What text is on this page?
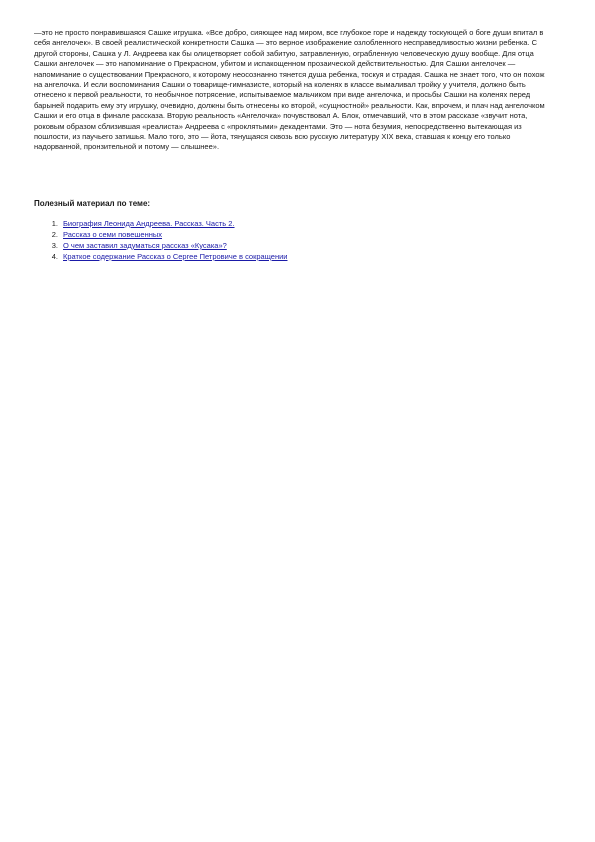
—это не просто понравившаяся Сашке игрушка. «Все добро, сияющее над миром, все глубокое горе и надежду тоскующей о боге души впитал в себя ангелочек». В своей реалистической конкретности Сашка — это верное изображение озлобленного несправедливостью жизни ребенка. С другой стороны, Сашка у Л. Андреева как бы олицетворяет собой забитую, затравленную, ограбленную человеческую душу вообще. Для отца Сашки ангелочек — это напоминание о Прекрасном, убитом и испакощенном прозаической действительностью. Для Сашки ангелочек — напоминание о существовании Прекрасного, к которому неосознанно тянется душа ребенка, тоскуя и страдая. Сашка не знает того, что он похож на ангелочка. И если воспоминания Сашки о товарище-гимназисте, который на коленях в классе вымаливал тройку у учителя, должно быть отнесено к первой реальности, то необычное потрясение, испытываемое мальчиком при виде ангелочка, и просьбы Сашки на коленях перед барыней подарить ему эту игрушку, очевидно, должны быть отнесены ко второй, «сущностной» реальности. Как, впрочем, и плач над ангелочком Сашки и его отца в финале рассказа. Вторую реальность «Ангелочка» почувствовал А. Блок, отмечавший, что в этом рассказе «звучит нота, роковым образом сблизившая «реалиста» Андреева с «проклятыми» декадентами. Это — нота безумия, непосредственно вытекающая из пошлости, из паучьего затишья. Мало того, это — йота, тянущаяся сквозь всю русскую литературу XIX века, ставшая к концу его только надорванной, пронзительной и потому — слышнее».

Полезный материал по теме:

1. Биография Леонида Андреева. Рассказ. Часть 2.
2. Рассказ о семи повешенных
3. О чем заставил задуматься рассказ «Кусака»?
4. Краткое содержание Рассказ о Сергее Петровиче в сокращении
